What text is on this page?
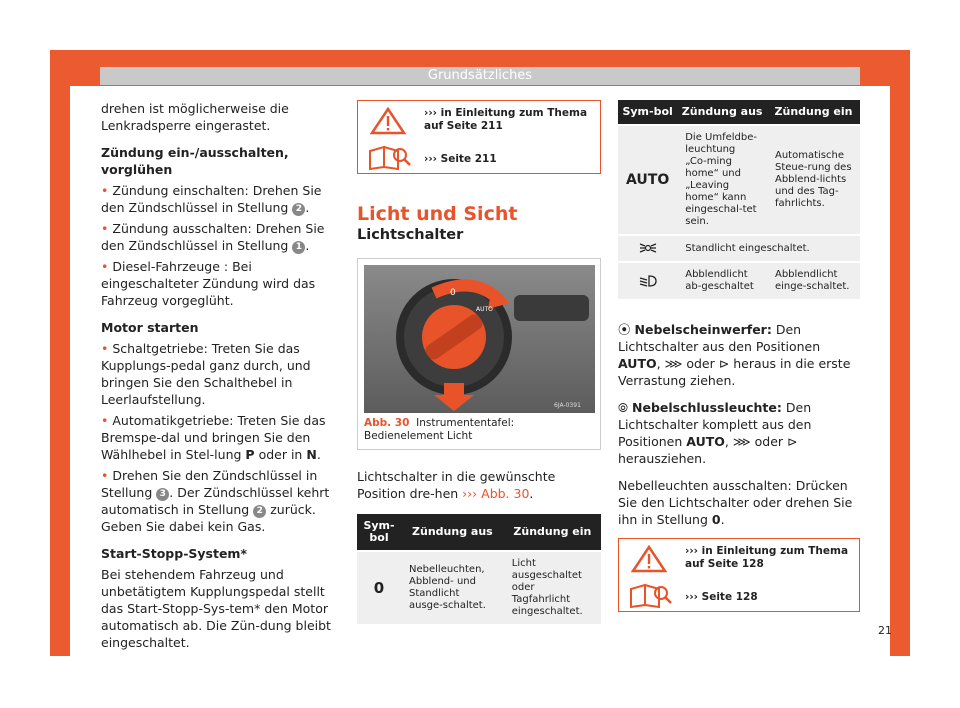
Grundsätzliches

drehen ist möglicherweise die Lenkradsperre eingerastet.

Zündung ein-/ausschalten, vorglühen

• Zündung einschalten: Drehen Sie den Zündschlüssel in Stellung 2 .

• Zündung ausschalten: Drehen Sie den Zündschlüssel in Stellung 1 .

• Diesel-Fahrzeuge : Bei eingeschalteter Zündung wird das Fahrzeug vorgeglüht.

Motor starten

• Schaltgetriebe: Treten Sie das Kupplungs-pedal ganz durch, und bringen Sie den Schalthebel in Leerlaufstellung.

• Automatikgetriebe: Treten Sie das Bremspe-dal und bringen Sie den Wählhebel in Stel-lung P oder in N.

• Drehen Sie den Zündschlüssel in Stellung 3 . Der Zündschlüssel kehrt automatisch in Stellung 2 zurück. Geben Sie dabei kein Gas.

Start-Stopp-System*

Bei stehendem Fahrzeug und unbetätigtem Kupplungspedal stellt das Start-Stopp-Sys-tem* den Motor automatisch ab. Die Zün-dung bleibt eingeschaltet.

››› in Einleitung zum Thema auf Seite 211
››› Seite 211
Licht und Sicht
Lichtschalter
0
AUTO
6JA-0391
Abb. 30 Instrumententafel: Bedienelement Licht

Lichtschalter in die gewünschte Position dre-hen ››› Abb. 30.

Sym-bol	Zündung aus	Zündung ein
0	Nebelleuchten, Abblend- und Standlicht ausge-schaltet.	Licht ausgeschaltet oder Tagfahrlicht eingeschaltet.
Sym-bol	Zündung aus	Zündung ein
AUTO	Die Umfeldbe-leuchtung „Co-ming home“ und „Leaving home“ kann eingeschal-tet sein.	Automatische Steue-rung des Abblend-lichts und des Tag-fahrlichts.
	Standlicht eingeschaltet.	
	Abblendlicht ab-geschaltet	Abblendlicht einge-schaltet.

⦿ Nebelscheinwerfer: Den Lichtschalter aus den Positionen AUTO, ⋙ oder ⊳ heraus in die erste Verrastung ziehen.

⦾ Nebelschlussleuchte: Den Lichtschalter komplett aus den Positionen AUTO, ⋙ oder ⊳ herausziehen.

Nebelleuchten ausschalten: Drücken Sie den Lichtschalter oder drehen Sie ihn in Stellung 0.

››› in Einleitung zum Thema auf Seite 128
››› Seite 128
21
